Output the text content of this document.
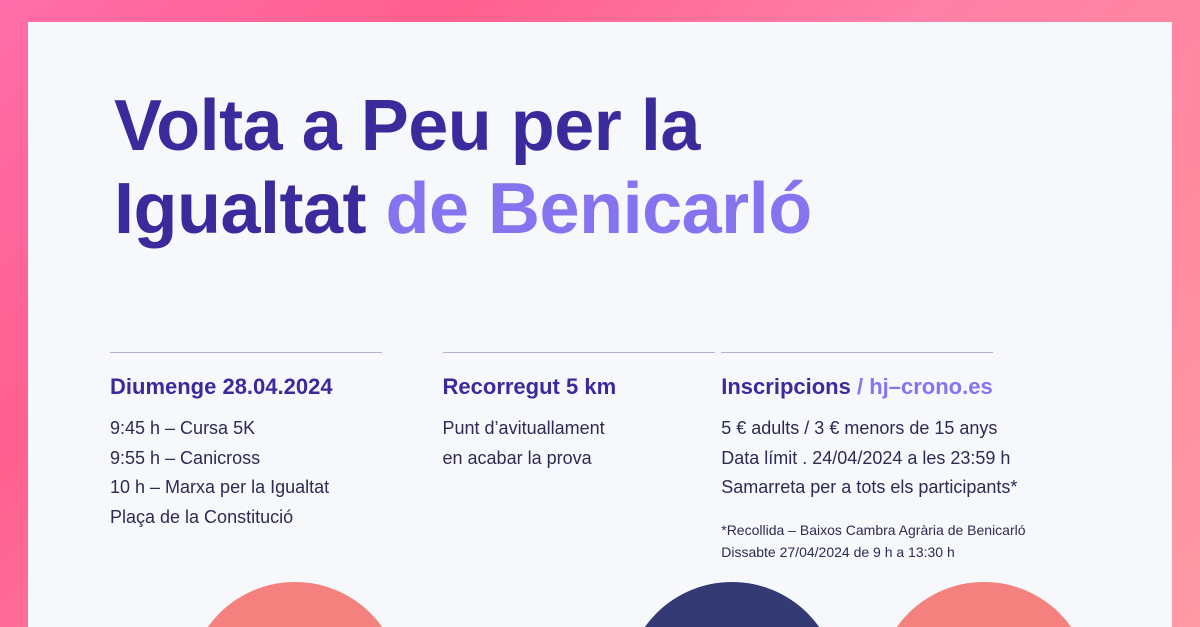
Volta a Peu per la
Igualtat de Benicarló
Diumenge 28.04.2024
9:45 h – Cursa 5K
9:55 h – Canicross
10 h – Marxa per la Igualtat
Plaça de la Constitució
Recorregut 5 km
Punt d’avituallament
en acabar la prova
Inscripcions / hj–crono.es
5 € adults / 3 € menors de 15 anys
Data límit . 24/04/2024 a les 23:59 h
Samarreta per a tots els participants*
*Recollida – Baixos Cambra Agrària de Benicarló
Dissabte 27/04/2024 de 9 h a 13:30 h
